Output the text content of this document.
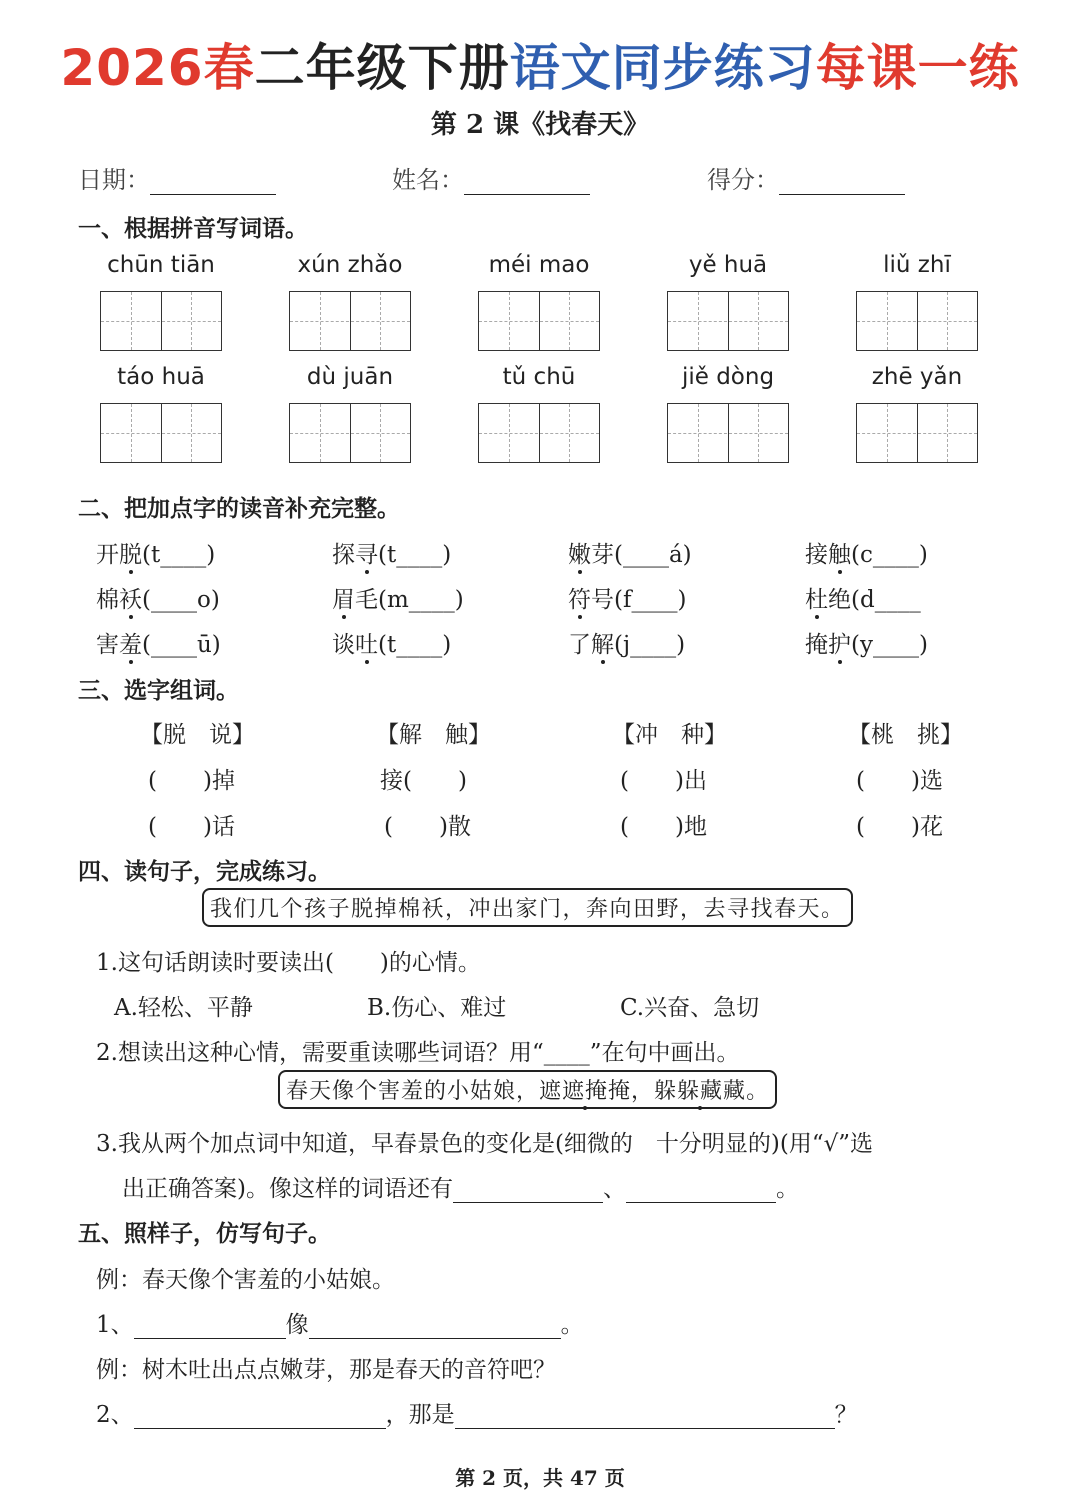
2026春二年级下册语文同步练习每课一练
第 2 课《找春天》
日期：	姓名：	得分：
一、根据拼音写词语。
chūn tiān	xún zhǎo	méi mao	yě huā	liǔ zhī
táo huā	dù juān	tǔ chū	jiě dòng	zhē yǎn
二、把加点字的读音补充完整。
开脱(t____)	探寻(t____)	嫩芽(____á)	接触(c____)
棉袄(____o)	眉毛(m____)	符号(f____)	杜绝(d____
害羞(____ū)	谈吐(t____)	了解(j____)	掩护(y____)
三、选字组词。
【脱　说】	【解　触】	【冲　种】	【桃　挑】
(　　)掉	接(　　)	(　　)出	(　　)选
(　　)话	(　　)散	(　　)地	(　　)花
四、读句子，完成练习。
我们几个孩子脱掉棉袄，冲出家门，奔向田野，去寻找春天。
1.这句话朗读时要读出(　　)的心情。
A.轻松、平静	B.伤心、难过	C.兴奋、急切
2.想读出这种心情，需要重读哪些词语？用“____”在句中画出。
春天像个害羞的小姑娘，遮遮掩掩，躲躲藏藏。
3.我从两个加点词中知道，早春景色的变化是(细微的　十分明显的)(用“√”选
出正确答案)。像这样的词语还有	、	。
五、照样子，仿写句子。
例：春天像个害羞的小姑娘。
1、	像	。
例：树木吐出点点嫩芽，那是春天的音符吧？
2、	，那是	？
第 2 页，共 47 页
